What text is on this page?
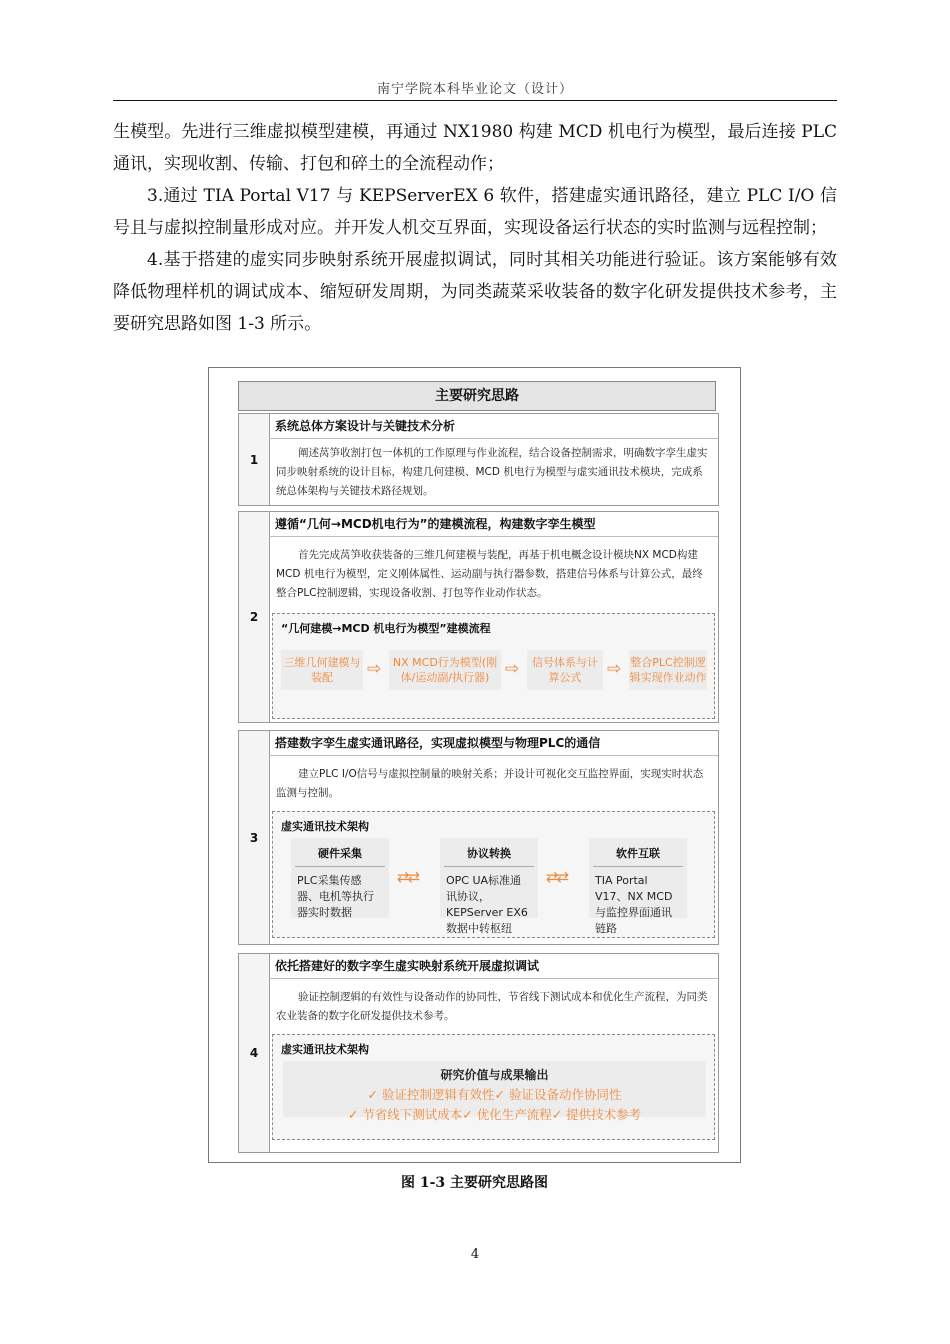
南宁学院本科毕业论文（设计）

生模型。先进行三维虚拟模型建模，再通过 NX1980 构建 MCD 机电行为模型，最后连接 PLC 通讯，实现收割、传输、打包和碎土的全流程动作；

3.通过 TIA Portal V17 与 KEPServerEX 6 软件，搭建虚实通讯路径，建立 PLC I/O 信号且与虚拟控制量形成对应。并开发人机交互界面，实现设备运行状态的实时监测与远程控制；

4.基于搭建的虚实同步映射系统开展虚拟调试，同时其相关功能进行验证。该方案能够有效降低物理样机的调试成本、缩短研发周期，为同类蔬菜采收装备的数字化研发提供技术参考，主要研究思路如图 1-3 所示。

主要研究思路
1
系统总体方案设计与关键技术分析
阐述莴笋收割打包一体机的工作原理与作业流程，结合设备控制需求，明确数字孪生虚实同步映射系统的设计目标，构建几何建模、MCD 机电行为模型与虚实通讯技术模块，完成系统总体架构与关键技术路径规划。
2
遵循“几何→MCD机电行为”的建模流程，构建数字孪生模型
首先完成莴笋收获装备的三维几何建模与装配，再基于机电概念设计模块NX MCD构建MCD 机电行为模型，定义刚体属性、运动副与执行器参数，搭建信号体系与计算公式，最终整合PLC控制逻辑，实现设备收割、打包等作业动作状态。
“几何建模→MCD 机电行为模型”建模流程
三维几何建模与装配	⇨	NX MCD行为模型(刚体/运动副/执行器) ⇨	信号体系与计算公式	⇨ 整合PLC控制逻辑实现作业动作
3
搭建数字孪生虚实通讯路径，实现虚拟模型与物理PLC的通信
建立PLC I/O信号与虚拟控制量的映射关系；并设计可视化交互监控界面，实现实时状态监测与控制。
虚实通讯技术架构
硬件采集
PLC采集传感器、电机等执行器实时数据
⇄⇄
协议转换
OPC UA标准通讯协议，KEPServer EX6数据中转枢纽
⇄⇄
软件互联
TIA Portal V17、NX MCD与监控界面通讯链路
4
依托搭建好的数字孪生虚实映射系统开展虚拟调试
验证控制逻辑的有效性与设备动作的协同性，节省线下测试成本和优化生产流程，为同类农业装备的数字化研发提供技术参考。
虚实通讯技术架构
研究价值与成果输出
✓ 验证控制逻辑有效性✓ 验证设备动作协同性
✓ 节省线下测试成本✓ 优化生产流程✓ 提供技术参考
图 1-3 主要研究思路图
4
